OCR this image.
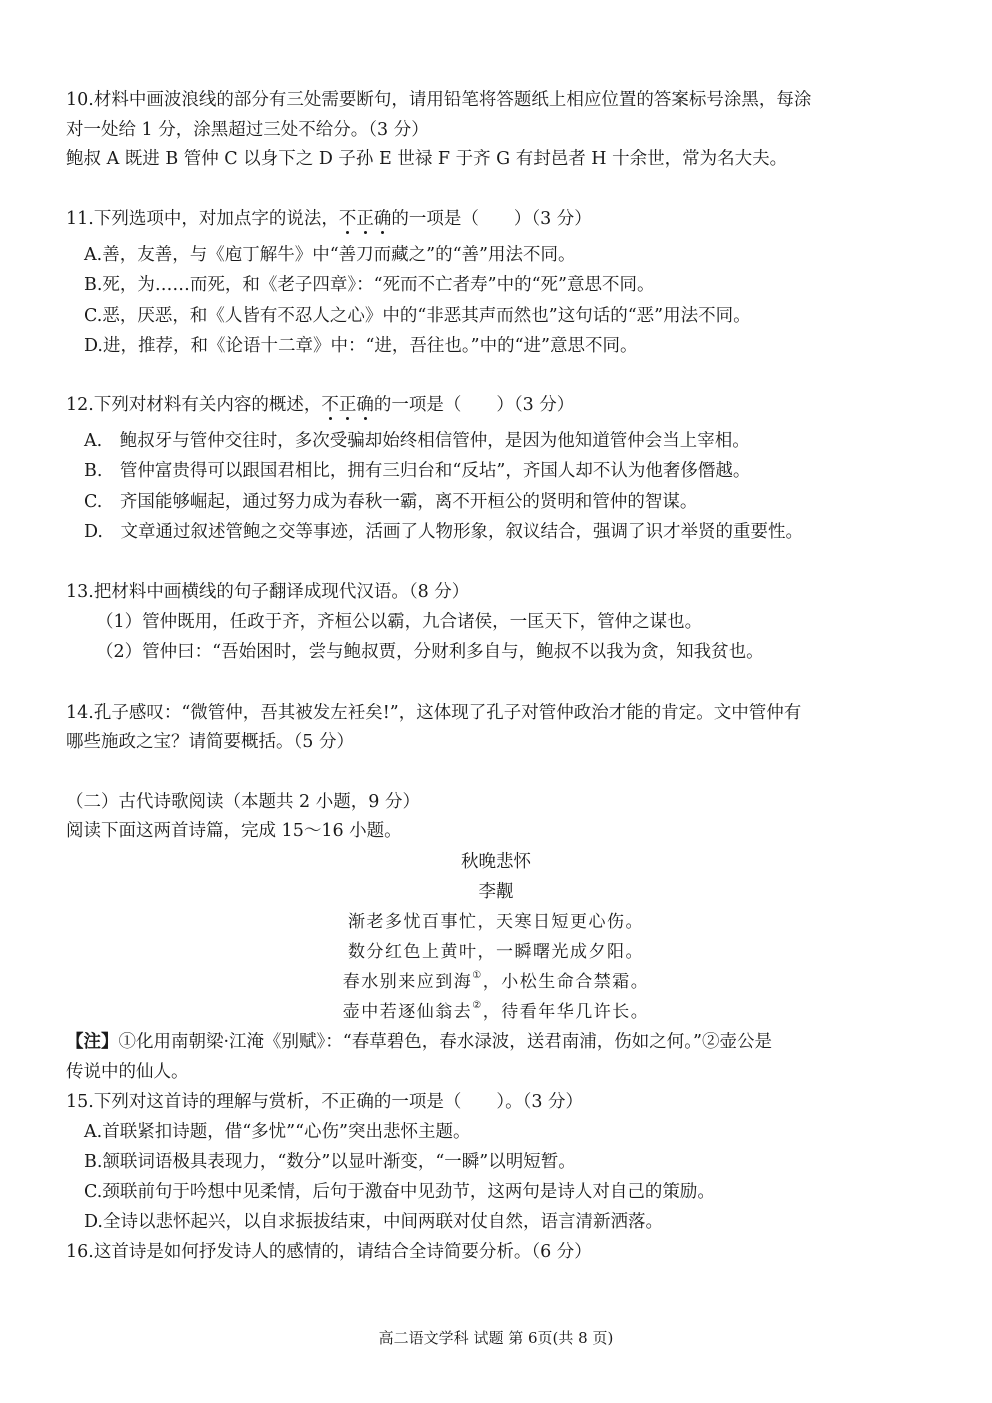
10.材料中画波浪线的部分有三处需要断句，请用铅笔将答题纸上相应位置的答案标号涂黑，每涂
对一处给 1 分，涂黑超过三处不给分。（3 分）
鲍叔 A 既进 B 管仲 C 以身下之 D 子孙 E 世禄 F 于齐 G 有封邑者 H 十余世，常为名大夫。
11.下列选项中，对加点字的说法，不正确的一项是（　　）（3 分）
A.善，友善，与《庖丁解牛》中“善刀而藏之”的“善”用法不同。
B.死，为……而死，和《老子四章》：“死而不亡者寿”中的“死”意思不同。
C.恶，厌恶，和《人皆有不忍人之心》中的“非恶其声而然也”这句话的“恶”用法不同。
D.进，推荐，和《论语十二章》中：“进，吾往也。”中的“进”意思不同。
12.下列对材料有关内容的概述，不正确的一项是（　　）（3 分）
A.　鲍叔牙与管仲交往时，多次受骗却始终相信管仲，是因为他知道管仲会当上宰相。
B.　管仲富贵得可以跟国君相比，拥有三归台和“反坫”，齐国人却不认为他奢侈僭越。
C.　齐国能够崛起，通过努力成为春秋一霸，离不开桓公的贤明和管仲的智谋。
D.　文章通过叙述管鲍之交等事迹，活画了人物形象，叙议结合，强调了识才举贤的重要性。
13.把材料中画横线的句子翻译成现代汉语。（8 分）
（1）管仲既用，任政于齐，齐桓公以霸，九合诸侯，一匡天下，管仲之谋也。
（2）管仲曰：“吾始困时，尝与鲍叔贾，分财利多自与，鲍叔不以我为贪，知我贫也。
14.孔子感叹：“微管仲，吾其被发左衽矣!”，这体现了孔子对管仲政治才能的肯定。文中管仲有
哪些施政之宝？请简要概括。（5 分）
（二）古代诗歌阅读（本题共 2 小题，9 分）
阅读下面这两首诗篇，完成 15～16 小题。
秋晚悲怀
李觏
渐老多忧百事忙，天寒日短更心伤。
数分红色上黄叶，一瞬曙光成夕阳。
春水别来应到海①，小松生命合禁霜。
壶中若逐仙翁去②，待看年华几许长。
【注】①化用南朝梁·江淹《别赋》：“春草碧色，春水渌波，送君南浦，伤如之何。”②壶公是
传说中的仙人。
15.下列对这首诗的理解与赏析，不正确的一项是（　　）。（3 分）
A.首联紧扣诗题，借“多忧”“心伤”突出悲怀主题。
B.颔联词语极具表现力，“数分”以显叶渐变，“一瞬”以明短暂。
C.颈联前句于吟想中见柔情，后句于激奋中见劲节，这两句是诗人对自己的策励。
D.全诗以悲怀起兴，以自求振拔结束，中间两联对仗自然，语言清新洒落。
16.这首诗是如何抒发诗人的感情的，请结合全诗简要分析。（6 分）
高二语文学科 试题 第 6页(共 8 页)
